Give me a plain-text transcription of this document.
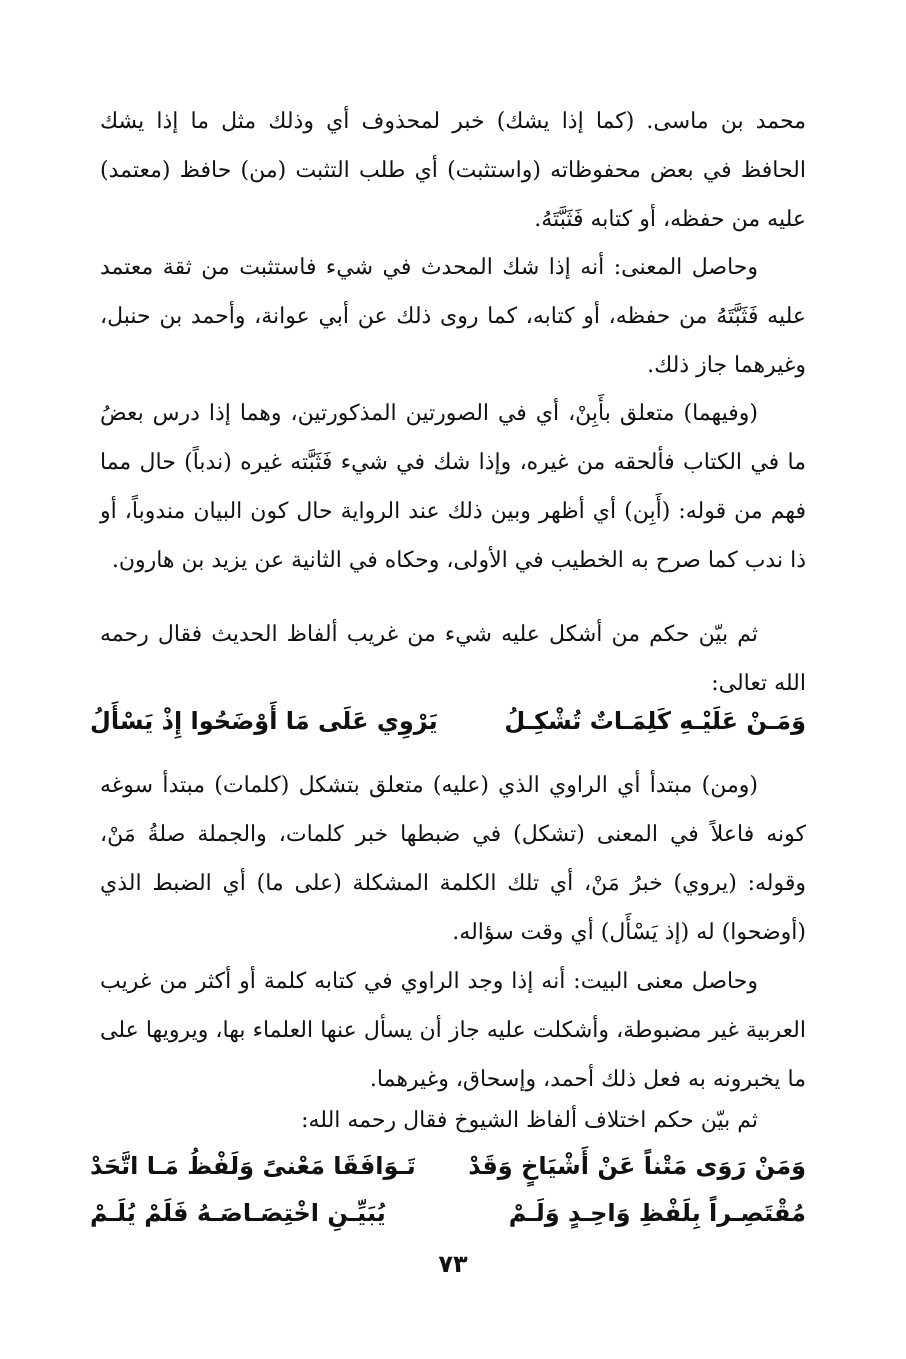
محمد بن ماسى. (كما إذا يشك) خبر لمحذوف أي وذلك مثل ما إذا يشك الحافظ في بعض محفوظاته (واستثبت) أي طلب التثبت (من) حافظ (معتمد) عليه من حفظه، أو كتابه فَثَبَّتَهُ.

وحاصل المعنى: أنه إذا شك المحدث في شيء فاستثبت من ثقة معتمد عليه فَثَبَّتَهُ من حفظه، أو كتابه، كما روى ذلك عن أبي عوانة، وأحمد بن حنبل، وغيرهما جاز ذلك.

(وفيهما) متعلق بأَبِنْ، أي في الصورتين المذكورتين، وهما إذا درس بعضُ ما في الكتاب فألحقه من غيره، وإذا شك في شيء فَثَبَّته غيره (ندباً) حال مما فهم من قوله: (أَبِن) أي أظهر وبين ذلك عند الرواية حال كون البيان مندوباً، أو ذا ندب كما صرح به الخطيب في الأولى، وحكاه في الثانية عن يزيد بن هارون.

ثم بيّن حكم من أشكل عليه شيء من غريب ألفاظ الحديث فقال رحمه الله تعالى:

وَمَـنْ عَلَيْـهِ كَلِمَـاتٌ تُشْكِـلُ
يَرْوِي عَلَى مَا أَوْضَحُوا إِذْ يَسْأَلُ

(ومن) مبتدأ أي الراوي الذي (عليه) متعلق بتشكل (كلمات) مبتدأ سوغه كونه فاعلاً في المعنى (تشكل) في ضبطها خبر كلمات، والجملة صلةُ مَنْ، وقوله: (يروي) خبرُ مَنْ، أي تلك الكلمة المشكلة (على ما) أي الضبط الذي (أوضحوا) له (إذ يَسْأَل) أي وقت سؤاله.

وحاصل معنى البيت: أنه إذا وجد الراوي في كتابه كلمة أو أكثر من غريب العربية غير مضبوطة، وأشكلت عليه جاز أن يسأل عنها العلماء بها، ويرويها على ما يخبرونه به فعل ذلك أحمد، وإسحاق، وغيرهما.

ثم بيّن حكم اختلاف ألفاظ الشيوخ فقال رحمه الله:

وَمَنْ رَوَى مَتْناً عَنْ أَشْيَاخٍ وَقَدْ
تَـوَافَقَا مَعْنىً وَلَفْظُ مَـا اتَّحَدْ
مُقْتَصِـراً بِلَفْظِ وَاحِـدٍ وَلَـمْ
يُبَيِّـنِ اخْتِصَـاصَـهُ فَلَمْ يُلَـمْ
٧٣
